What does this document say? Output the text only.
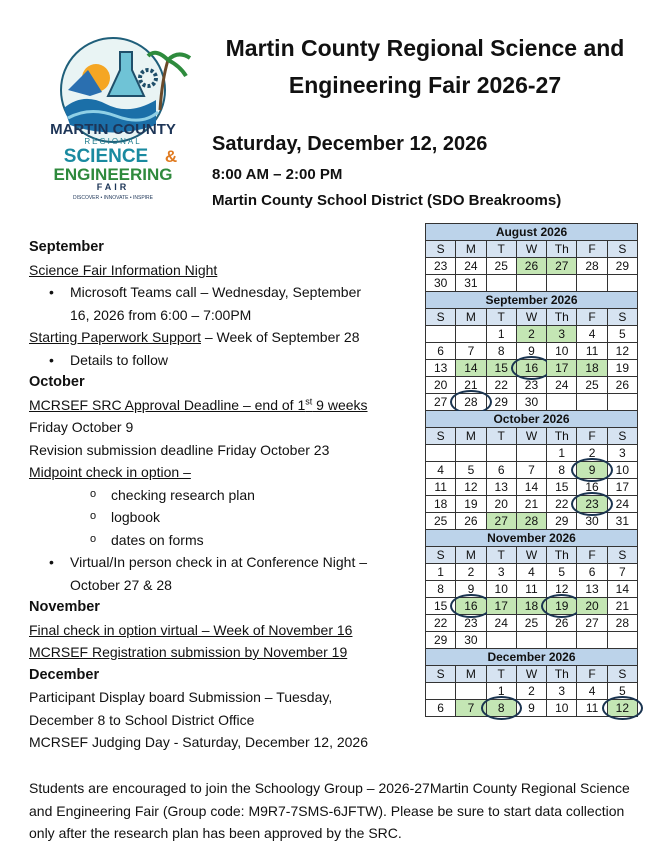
MARTIN COUNTY
REGIONAL
SCIENCE &
ENGINEERING
FAIR
DISCOVER • INNOVATE • INSPIRE
Martin County Regional Science and Engineering Fair 2026-27
Saturday, December 12, 2026
8:00 AM – 2:00 PM
Martin County School District (SDO Breakrooms)
September
Science Fair Information Night
• Microsoft Teams call – Wednesday, September
16, 2026 from 6:00 – 7:00PM
Starting Paperwork Support – Week of September 28
• Details to follow
October
MCRSEF SRC Approval Deadline – end of 1st 9 weeks
Friday October 9
Revision submission deadline Friday October 23
Midpoint check in option –
o checking research plan
o logbook
o dates on forms
• Virtual/In person check in at Conference Night –
October 27 & 28
November
Final check in option virtual – Week of November 16
MCRSEF Registration submission by November 19
December
Participant Display board Submission – Tuesday,
December 8 to School District Office
MCRSEF Judging Day - Saturday, December 12, 2026
August 2026						
S	M	T	W	Th	F	S
23	24	25	26	27	28	29
30	31					
September 2026						
S	M	T	W	Th	F	S
		1	2	3	4	5
6	7	8	9	10	11	12
13	14	15	16	17	18	19
20	21	22	23	24	25	26
27	28	29	30			
October 2026						
S	M	T	W	Th	F	S
				1	2	3
4	5	6	7	8	9	10
11	12	13	14	15	16	17
18	19	20	21	22	23	24
25	26	27	28	29	30	31
November 2026						
S	M	T	W	Th	F	S
1	2	3	4	5	6	7
8	9	10	11	12	13	14
15	16	17	18	19	20	21
22	23	24	25	26	27	28
29	30					
December 2026						
S	M	T	W	Th	F	S
		1	2	3	4	5
6	7	8	9	10	11	12
Students are encouraged to join the Schoology Group – 2026-27Martin County Regional Science and Engineering Fair (Group code: M9R7-7SMS-6JFTW). Please be sure to start data collection only after the research plan has been approved by the SRC.
